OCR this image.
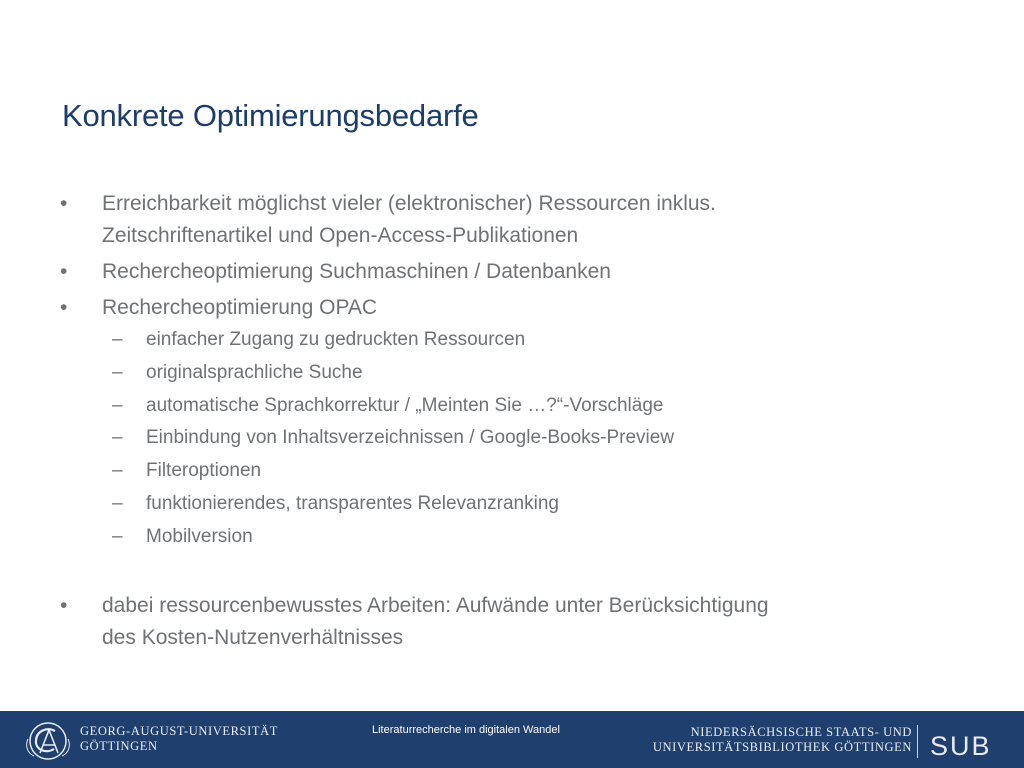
Konkrete Optimierungsbedarfe
•	Erreichbarkeit möglichst vieler (elektronischer) Ressourcen inklus.
Zeitschriftenartikel und Open-Access-Publikationen
•	Rechercheoptimierung Suchmaschinen / Datenbanken
•	Rechercheoptimierung OPAC
– einfacher Zugang zu gedruckten Ressourcen
– originalsprachliche Suche
– automatische Sprachkorrektur / „Meinten Sie …?“-Vorschläge
– Einbindung von Inhaltsverzeichnissen / Google-Books-Preview
– Filteroptionen
– funktionierendes, transparentes Relevanzranking
– Mobilversion
•	dabei ressourcenbewusstes Arbeiten: Aufwände unter Berücksichtigung
des Kosten-Nutzenverhältnisses
GEORG-AUGUST-UNIVERSITÄT
GÖTTINGEN
Literaturrecherche im digitalen Wandel	NIEDERSÄCHSISCHE STAATS- UND
UNIVERSITÄTSBIBLIOTHEK GÖTTINGEN SUB
